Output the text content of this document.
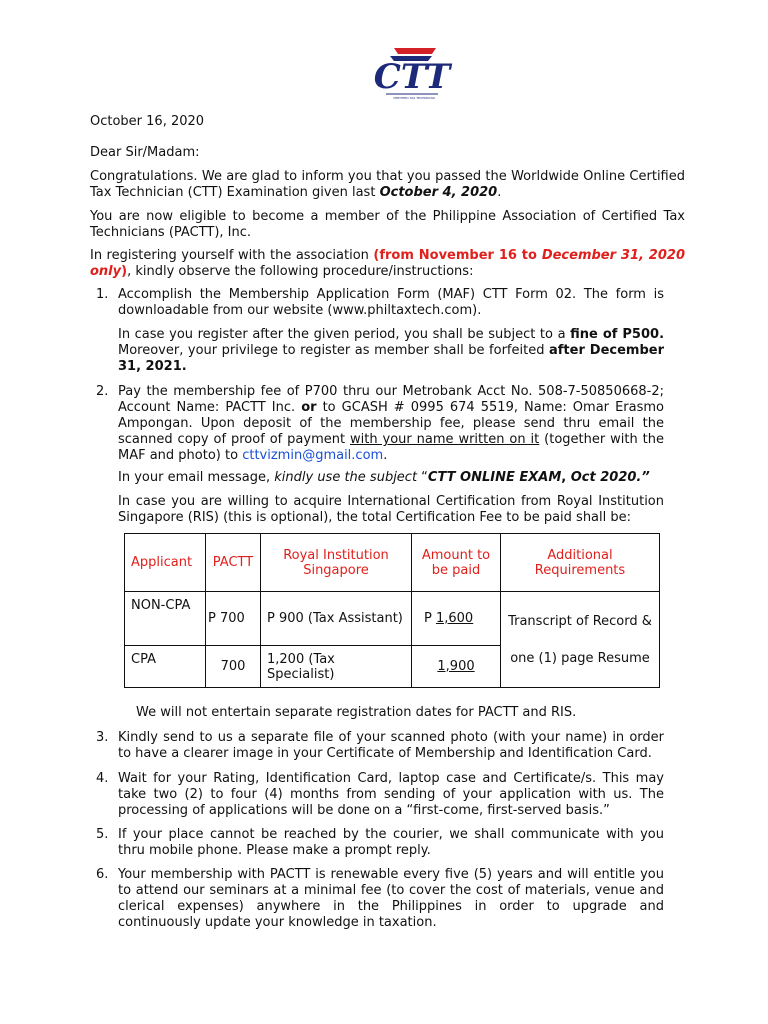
CTT
CERTIFIED TAX TECHNICIAN

October 16, 2020

Dear Sir/Madam:

Congratulations. We are glad to inform you that you passed the Worldwide Online Certified Tax Technician (CTT) Examination given last October 4, 2020.

You are now eligible to become a member of the Philippine Association of Certified Tax Technicians (PACTT), Inc.

In registering yourself with the association (from November 16 to December 31, 2020 only), kindly observe the following procedure/instructions:

1. Accomplish the Membership Application Form (MAF) CTT Form 02. The form is downloadable from our website (www.philtaxtech.com).

In case you register after the given period, you shall be subject to a fine of P500. Moreover, your privilege to register as member shall be forfeited after December 31, 2021.

2. Pay the membership fee of P700 thru our Metrobank Acct No. 508-7-50850668-2; Account Name: PACTT Inc. or to GCASH # 0995 674 5519, Name: Omar Erasmo Ampongan. Upon deposit of the membership fee, please send thru email the scanned copy of proof of payment with your name written on it (together with the MAF and photo) to cttvizmin@gmail.com.

In your email message, kindly use the subject “CTT ONLINE EXAM, Oct 2020.”

In case you are willing to acquire International Certification from Royal Institution Singapore (RIS) (this is optional), the total Certification Fee to be paid shall be:

Applicant	PACTT	Royal Institution Singapore	Amount to be paid	Additional Requirements
NON-CPA	P 700	P 900 (Tax Assistant)	P 1,600	Transcript of Record &
one (1) page Resume

CPA	700	1,200 (Tax Specialist)	1,900	

We will not entertain separate registration dates for PACTT and RIS.

3. Kindly send to us a separate file of your scanned photo (with your name) in order to have a clearer image in your Certificate of Membership and Identification Card.

4. Wait for your Rating, Identification Card, laptop case and Certificate/s. This may take two (2) to four (4) months from sending of your application with us. The processing of applications will be done on a “first-come, first-served basis.”

5. If your place cannot be reached by the courier, we shall communicate with you thru mobile phone. Please make a prompt reply.

6. Your membership with PACTT is renewable every five (5) years and will entitle you to attend our seminars at a minimal fee (to cover the cost of materials, venue and clerical expenses) anywhere in the Philippines in order to upgrade and continuously update your knowledge in taxation.
